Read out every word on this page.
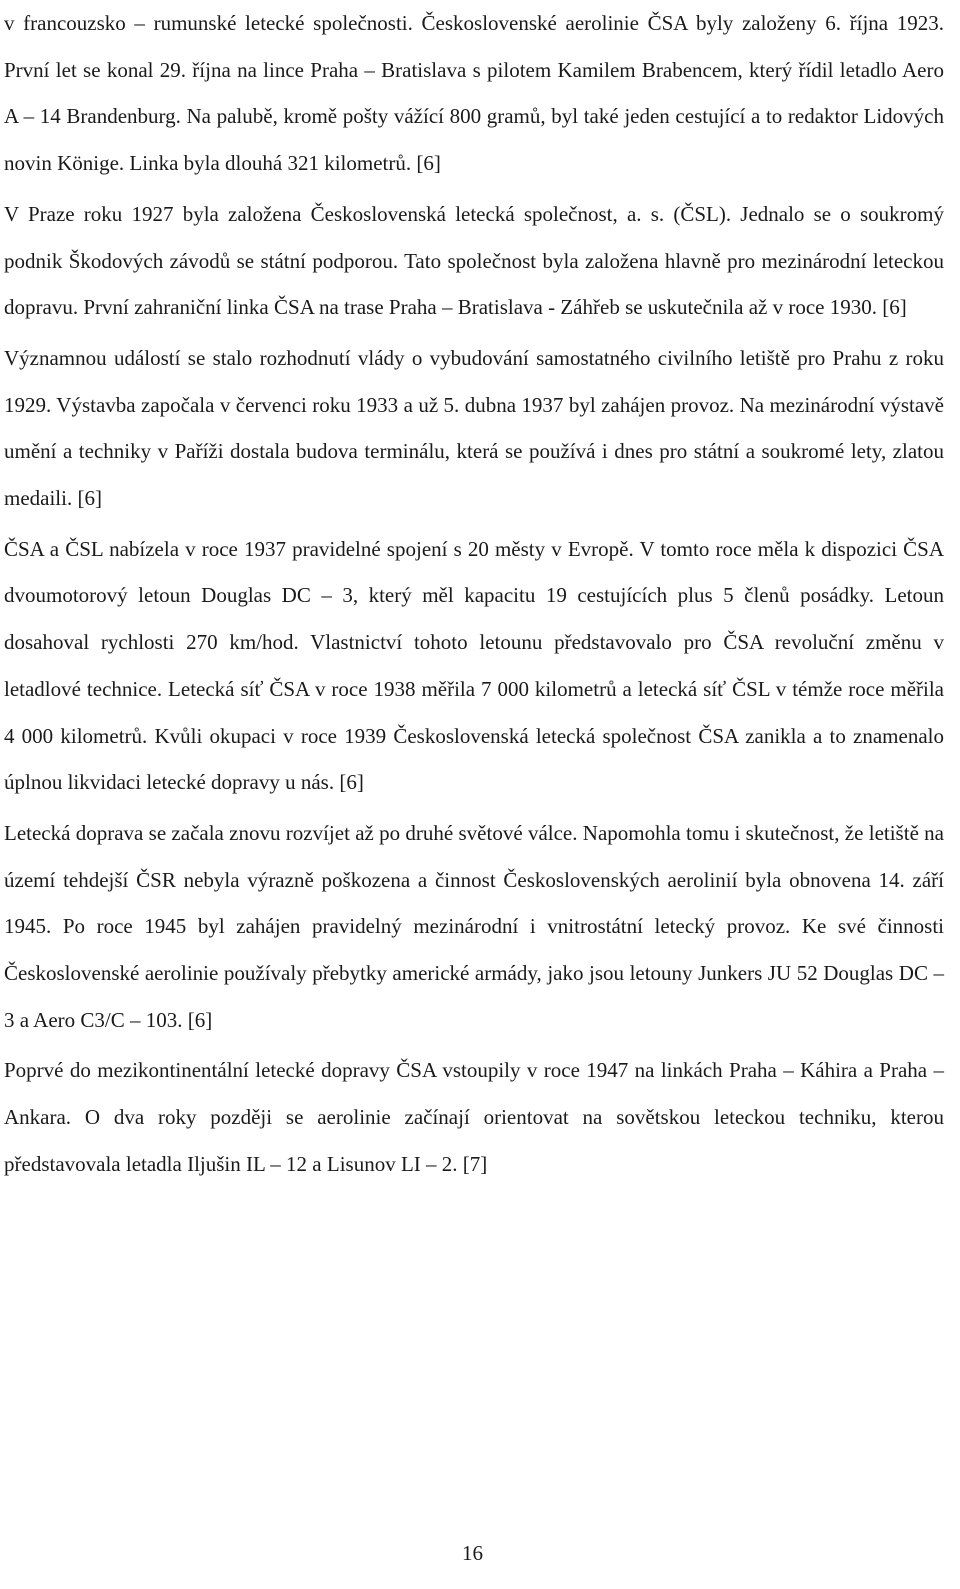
v francouzsko – rumunské letecké společnosti. Československé aerolinie ČSA byly založeny 6. října 1923. První let se konal 29. října na lince Praha – Bratislava s pilotem Kamilem Brabencem, který řídil letadlo Aero A – 14 Brandenburg. Na palubě, kromě pošty vážící 800 gramů, byl také jeden cestující a to redaktor Lidových novin Könige. Linka byla dlouhá 321 kilometrů. [6]

V Praze roku 1927 byla založena Československá letecká společnost, a. s. (ČSL). Jednalo se o soukromý podnik Škodových závodů se státní podporou. Tato společnost byla založena hlavně pro mezinárodní leteckou dopravu. První zahraniční linka ČSA na trase Praha – Bratislava - Záhřeb se uskutečnila až v roce 1930. [6]

Významnou událostí se stalo rozhodnutí vlády o vybudování samostatného civilního letiště pro Prahu z roku 1929. Výstavba započala v červenci roku 1933 a už 5. dubna 1937 byl zahájen provoz. Na mezinárodní výstavě umění a techniky v Paříži dostala budova terminálu, která se používá i dnes pro státní a soukromé lety, zlatou medaili. [6]

ČSA a ČSL nabízela v roce 1937 pravidelné spojení s 20 městy v Evropě. V tomto roce měla k dispozici ČSA dvoumotorový letoun Douglas DC – 3, který měl kapacitu 19 cestujících plus 5 členů posádky. Letoun dosahoval rychlosti 270 km/hod. Vlastnictví tohoto letounu představovalo pro ČSA revoluční změnu v letadlové technice. Letecká síť ČSA v roce 1938 měřila 7 000 kilometrů a letecká síť ČSL v témže roce měřila 4 000 kilometrů. Kvůli okupaci v roce 1939 Československá letecká společnost ČSA zanikla a to znamenalo úplnou likvidaci letecké dopravy u nás. [6]

Letecká doprava se začala znovu rozvíjet až po druhé světové válce. Napomohla tomu i skutečnost, že letiště na území tehdejší ČSR nebyla výrazně poškozena a činnost Československých aerolinií byla obnovena 14. září 1945. Po roce 1945 byl zahájen pravidelný mezinárodní i vnitrostátní letecký provoz. Ke své činnosti Československé aerolinie používaly přebytky americké armády, jako jsou letouny Junkers JU 52 Douglas DC – 3 a Aero C3/C – 103. [6]

Poprvé do mezikontinentální letecké dopravy ČSA vstoupily v roce 1947 na linkách Praha – Káhira a Praha – Ankara. O dva roky později se aerolinie začínají orientovat na sovětskou leteckou techniku, kterou představovala letadla Iljušin IL – 12 a Lisunov LI – 2. [7]

16
